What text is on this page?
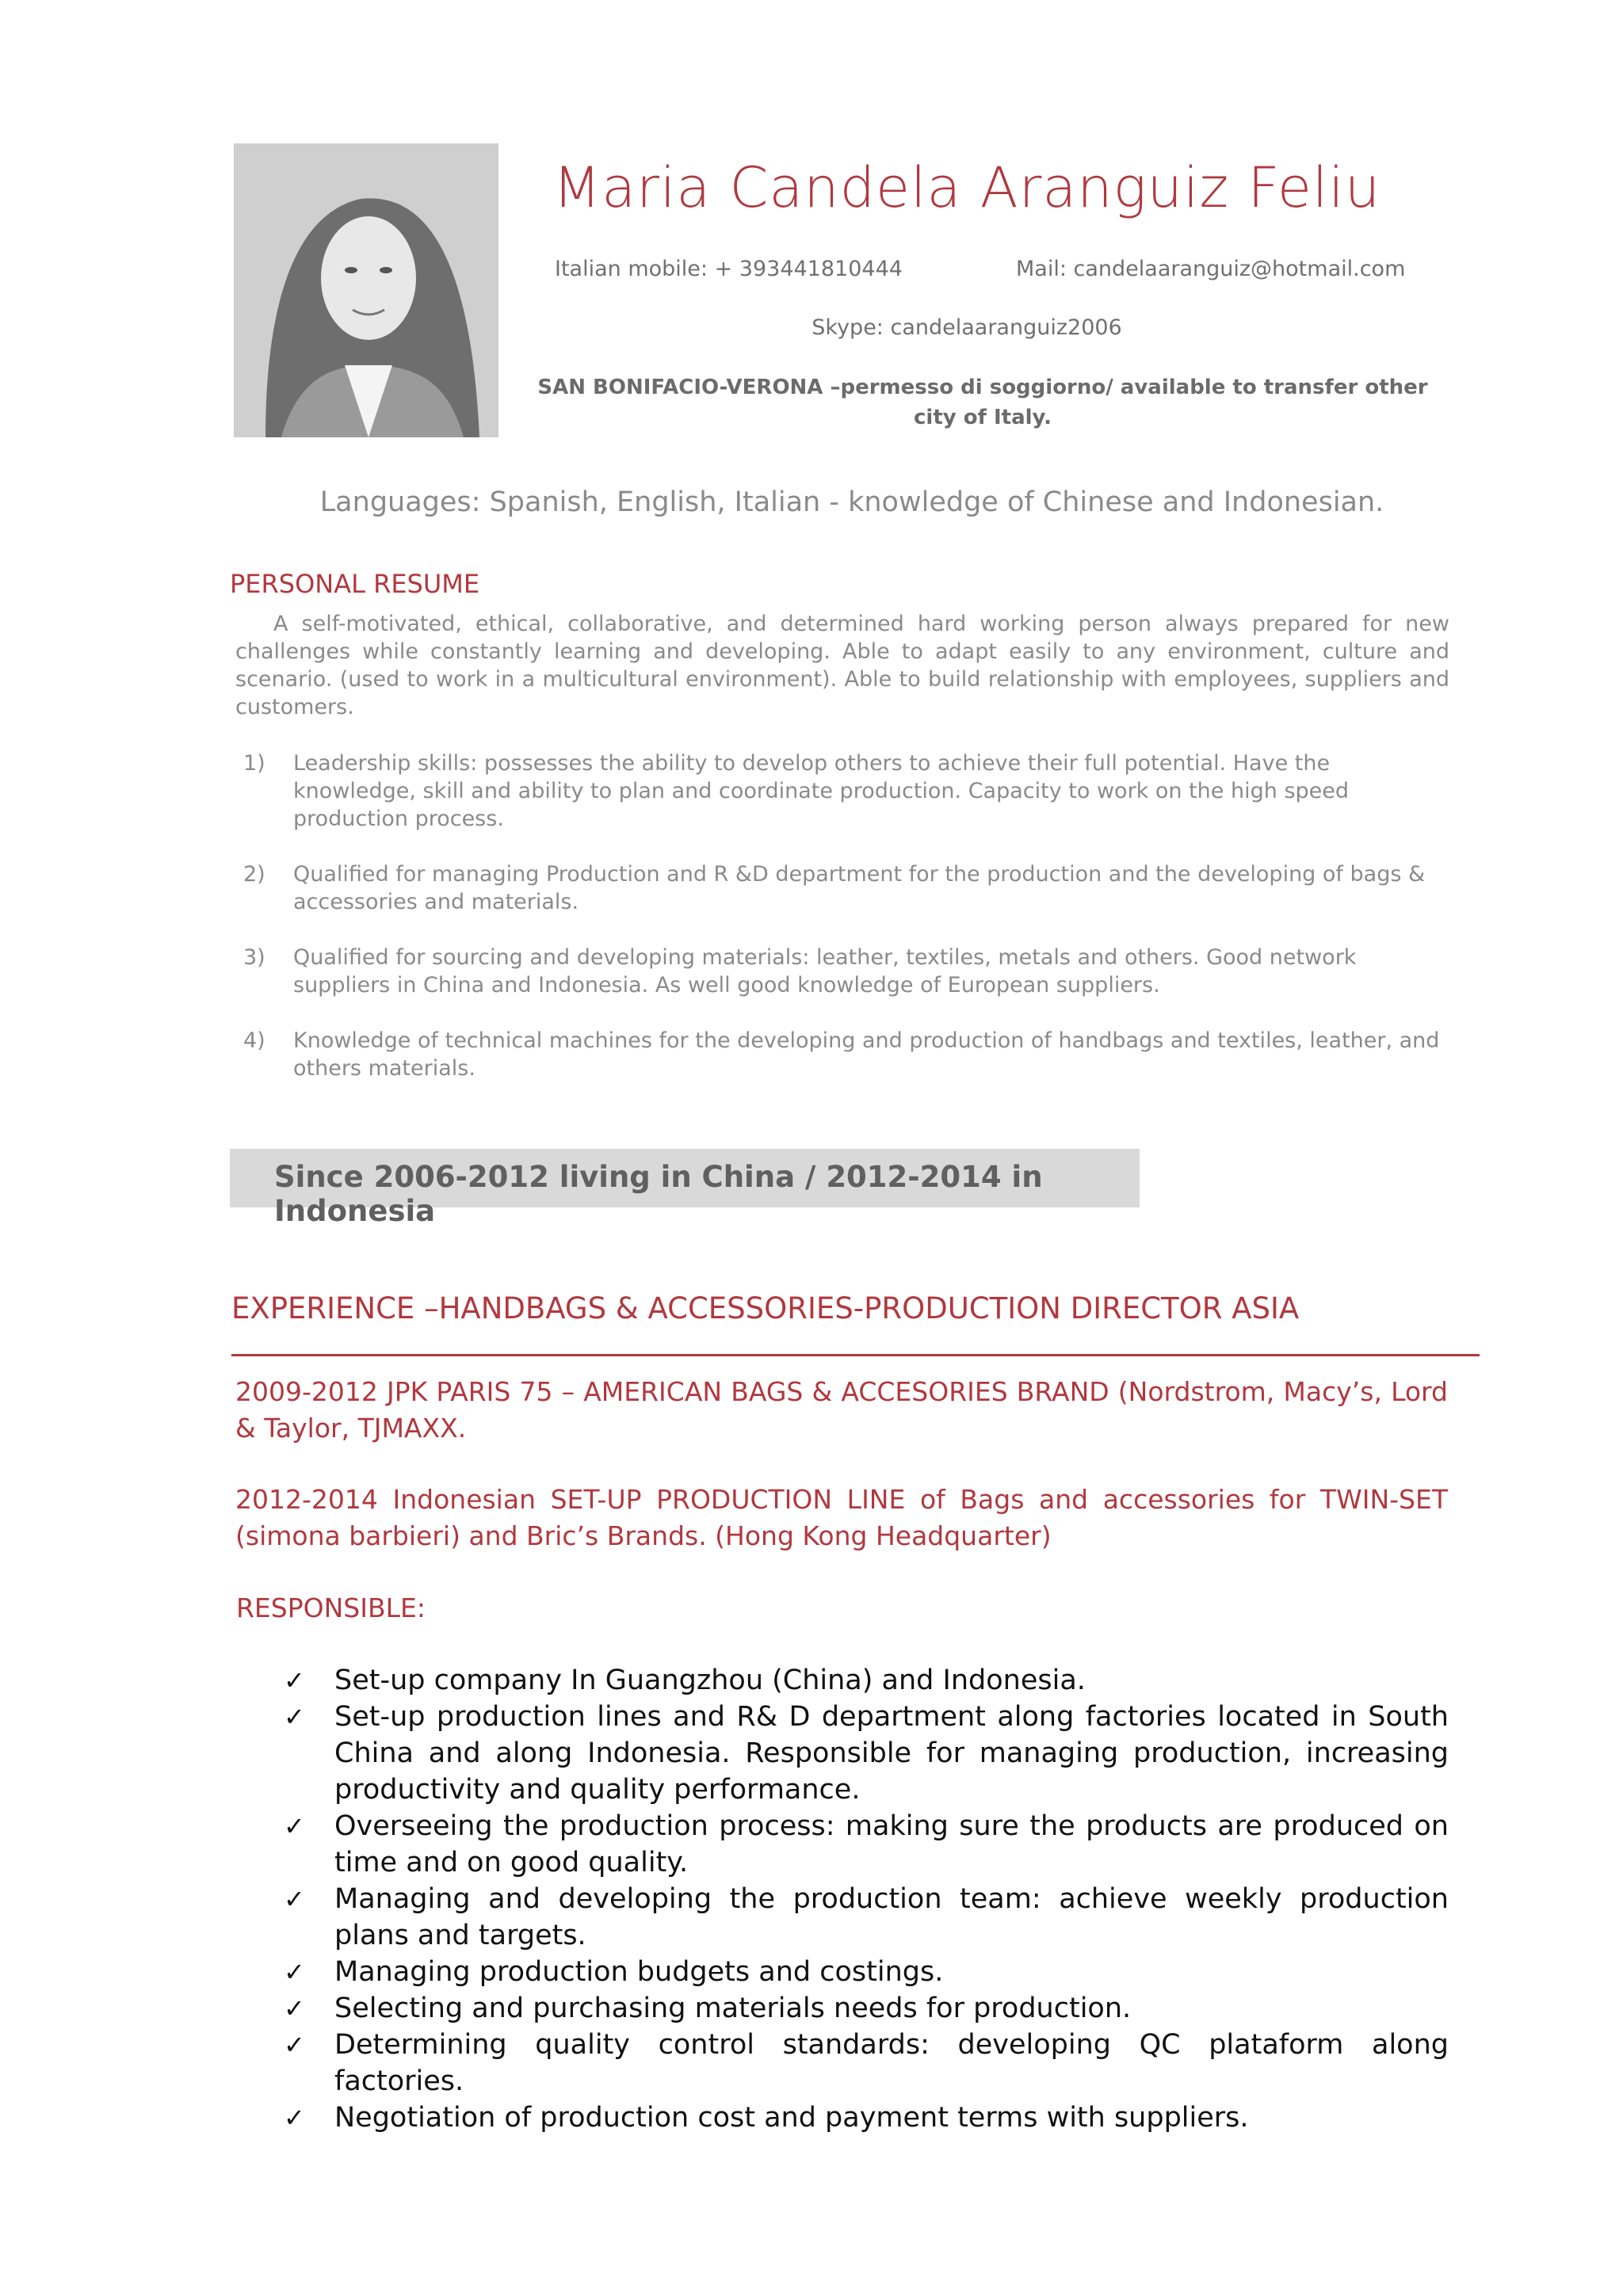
Maria Candela Aranguiz Feliu
Italian mobile: + 393441810444	Mail: candelaaranguiz@hotmail.com
Skype: candelaaranguiz2006
SAN BONIFACIO-VERONA –permesso di soggiorno/ available to transfer other city of Italy.
Languages: Spanish, English, Italian - knowledge of Chinese and Indonesian.
PERSONAL RESUME

A self-motivated, ethical, collaborative, and determined hard working person always prepared for new challenges while constantly learning and developing. Able to adapt easily to any environment, culture and scenario. (used to work in a multicultural environment). Able to build relationship with employees, suppliers and customers.

1) Leadership skills: possesses the ability to develop others to achieve their full potential. Have the knowledge, skill and ability to plan and coordinate production. Capacity to work on the high speed production process.
2) Qualified for managing Production and R &D department for the production and the developing of bags & accessories and materials.
3) Qualified for sourcing and developing materials: leather, textiles, metals and others. Good network suppliers in China and Indonesia. As well good knowledge of European suppliers.
4) Knowledge of technical machines for the developing and production of handbags and textiles, leather, and others materials.
Since 2006-2012 living in China / 2012-2014 in Indonesia
EXPERIENCE –HANDBAGS & ACCESSORIES-PRODUCTION DIRECTOR ASIA

2009-2012 JPK PARIS 75 – AMERICAN BAGS & ACCESORIES BRAND (Nordstrom, Macy’s, Lord & Taylor, TJMAXX.

2012-2014 Indonesian SET-UP PRODUCTION LINE of Bags and accessories for TWIN-SET (simona barbieri) and Bric’s Brands. (Hong Kong Headquarter)

RESPONSIBLE:
✓ Set-up company In Guangzhou (China) and Indonesia.
✓ Set-up production lines and R& D department along factories located in South China and along Indonesia. Responsible for managing production, increasing productivity and quality performance.
✓ Overseeing the production process: making sure the products are produced on time and on good quality.
✓ Managing and developing the production team: achieve weekly production plans and targets.
✓ Managing production budgets and costings.
✓ Selecting and purchasing materials needs for production.
✓ Determining quality control standards: developing QC plataform along factories.
✓ Negotiation of production cost and payment terms with suppliers.
